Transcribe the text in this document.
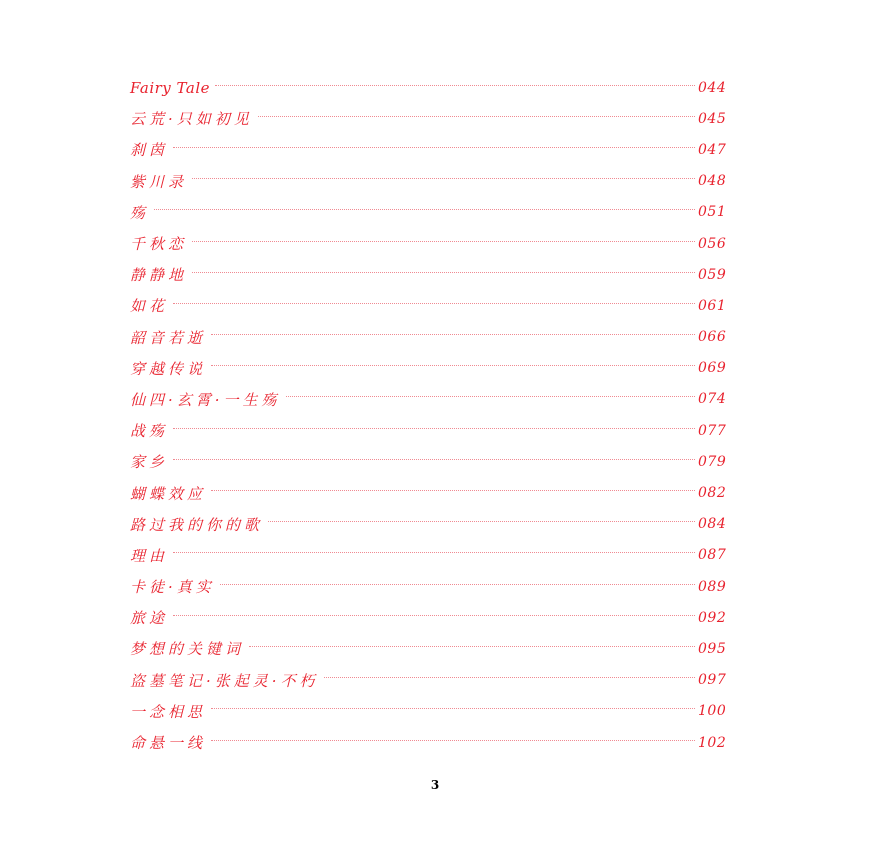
Fairy Tale	044
云荒·只如初见	045
刹茵	047
紫川录	048
殇	051
千秋恋	056
静静地	059
如花	061
韶音若逝	066
穿越传说	069
仙四·玄霄·一生殇	074
战殇	077
家乡	079
蝴蝶效应	082
路过我的你的歌	084
理由	087
卡徒·真实	089
旅途	092
梦想的关键词	095
盗墓笔记·张起灵·不朽	097
一念相思	100
命悬一线	102
3
